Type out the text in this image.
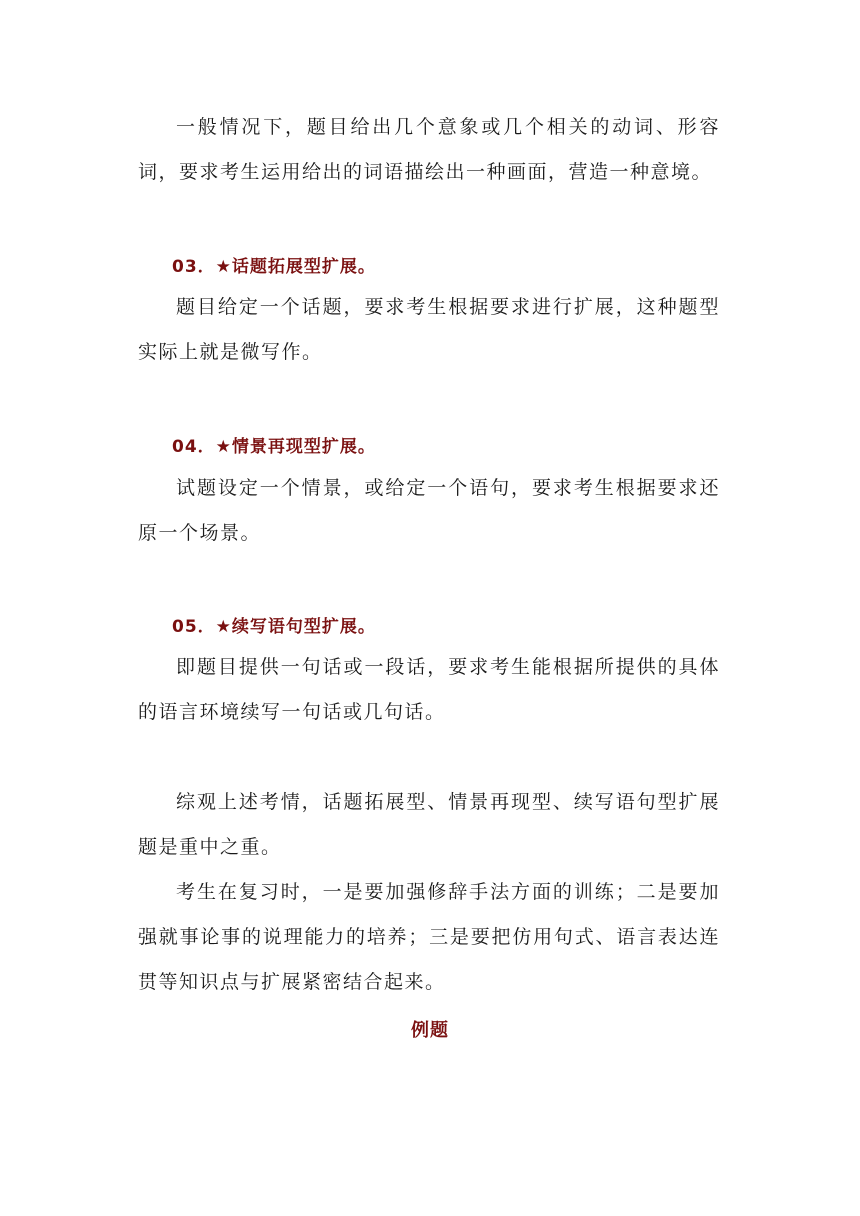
一般情况下，题目给出几个意象或几个相关的动词、形容词，要求考生运用给出的词语描绘出一种画面，营造一种意境。

03．★话题拓展型扩展。

题目给定一个话题，要求考生根据要求进行扩展，这种题型实际上就是微写作。

04．★情景再现型扩展。

试题设定一个情景，或给定一个语句，要求考生根据要求还原一个场景。

05．★续写语句型扩展。

即题目提供一句话或一段话，要求考生能根据所提供的具体的语言环境续写一句话或几句话。

综观上述考情，话题拓展型、情景再现型、续写语句型扩展题是重中之重。

考生在复习时，一是要加强修辞手法方面的训练；二是要加强就事论事的说理能力的培养；三是要把仿用句式、语言表达连贯等知识点与扩展紧密结合起来。

例题
